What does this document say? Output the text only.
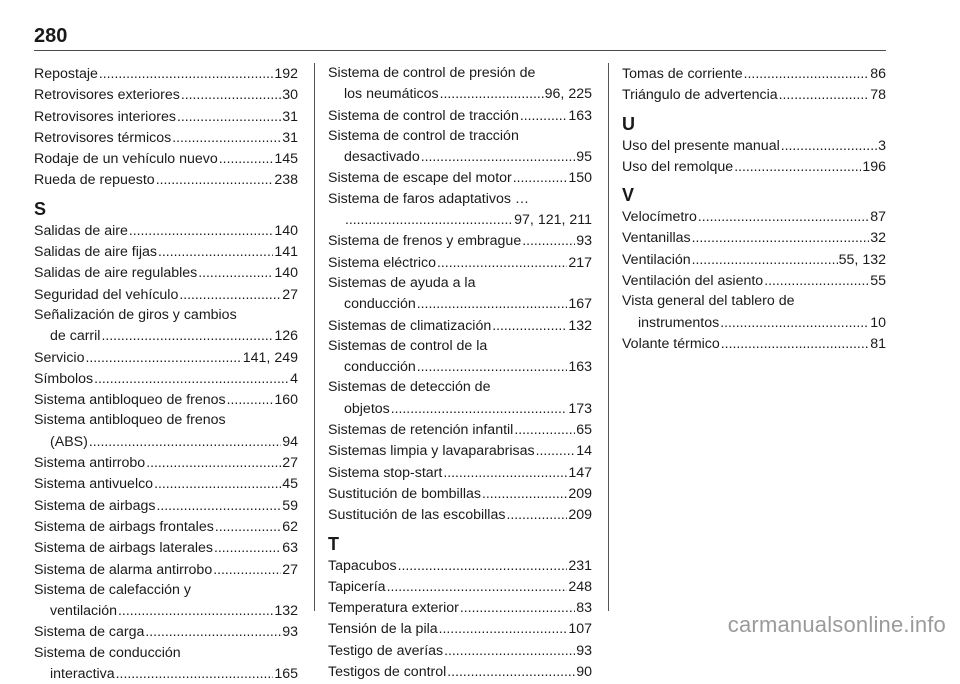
280
Repostaje .....	192
Retrovisores exteriores .....	30
Retrovisores interiores .....	31
Retrovisores térmicos .....	31
Rodaje de un vehículo nuevo .....	145
Rueda de repuesto .....	238
S
Salidas de aire .....	140
Salidas de aire fijas .....	141
Salidas de aire regulables .....	140
Seguridad del vehículo .....	27
Señalización de giros y cambios
de carril .....	126
Servicio .....	141, 249
Símbolos .....	4
Sistema antibloqueo de frenos .....	160
Sistema antibloqueo de frenos
(ABS) .....	94
Sistema antirrobo .....	27
Sistema antivuelco .....	45
Sistema de airbags .....	59
Sistema de airbags frontales .....	62
Sistema de airbags laterales .....	63
Sistema de alarma antirrobo .....	27
Sistema de calefacción y
ventilación .....	132
Sistema de carga .....	93
Sistema de conducción
interactiva .....	165
Sistema de control de presión de
los neumáticos .....	96, 225
Sistema de control de tracción .....	163
Sistema de control de tracción
desactivado .....	95
Sistema de escape del motor .....	150
Sistema de faros adaptativos …
.....
97, 121, 211
Sistema de frenos y embrague .....	93
Sistema eléctrico .....	217
Sistemas de ayuda a la
conducción .....	167
Sistemas de climatización .....	132
Sistemas de control de la
conducción .....	163
Sistemas de detección de
objetos .....	173
Sistemas de retención infantil .....	65
Sistemas limpia y lavaparabrisas .....	14
Sistema stop-start .....	147
Sustitución de bombillas .....	209
Sustitución de las escobillas .....	209
T
Tapacubos .....	231
Tapicería .....	248
Temperatura exterior .....	83
Tensión de la pila .....	107
Testigo de averías .....	93
Testigos de control .....	90
Tomas de corriente .....	86
Triángulo de advertencia .....	78
U
Uso del presente manual .....	3
Uso del remolque .....	196
V
Velocímetro .....	87
Ventanillas .....	32
Ventilación .....	55, 132
Ventilación del asiento .....	55
Vista general del tablero de
instrumentos .....	10
Volante térmico .....	81
carmanualsonline.info
